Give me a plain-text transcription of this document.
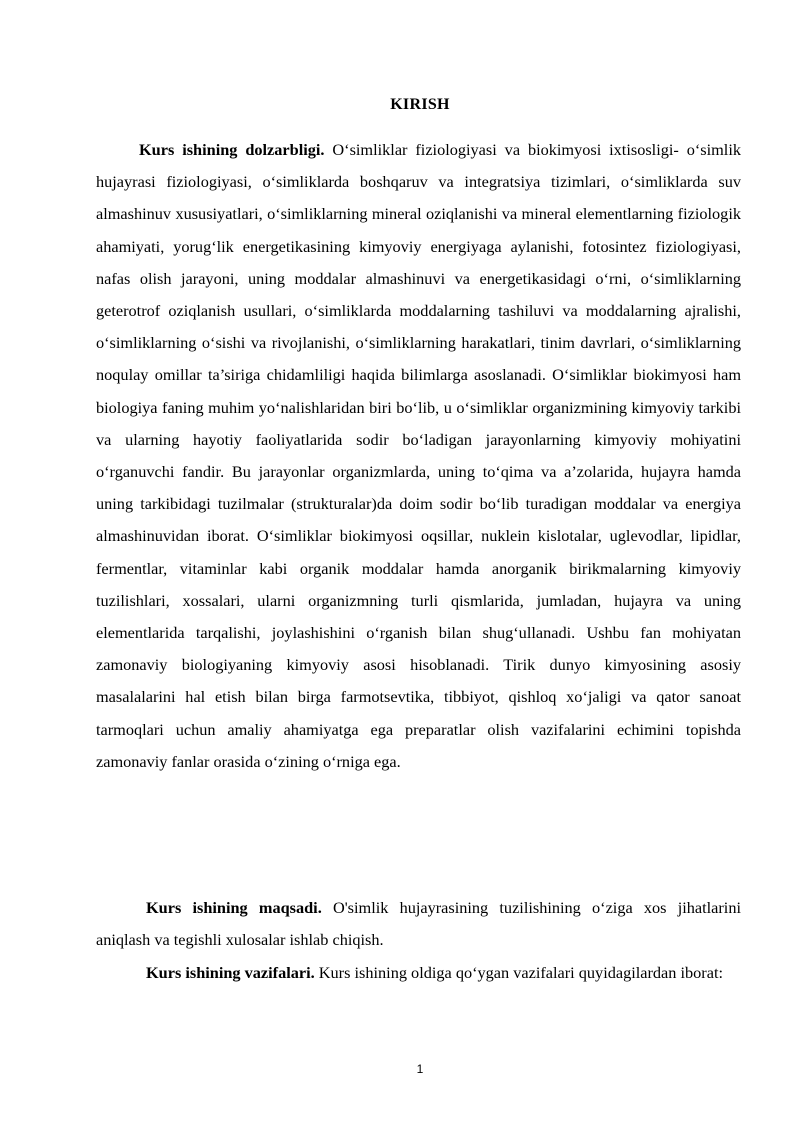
KIRISH

Kurs ishining dolzarbligi. O‘simliklar fiziologiyasi va biokimyosi ixtisosligi- o‘simlik hujayrasi fiziologiyasi, o‘simliklarda boshqaruv va integratsiya tizimlari, o‘simliklarda suv almashinuv xususiyatlari, o‘simliklarning mineral oziqlanishi va mineral elementlarning fiziologik ahamiyati, yorug‘lik energetikasining kimyoviy energiyaga aylanishi, fotosintez fiziologiyasi, nafas olish jarayoni, uning moddalar almashinuvi va energetikasidagi o‘rni, o‘simliklarning geterotrof oziqlanish usullari, o‘simliklarda moddalarning tashiluvi va moddalarning ajralishi, o‘simliklarning o‘sishi va rivojlanishi, o‘simliklarning harakatlari, tinim davrlari, o‘simliklarning noqulay omillar ta’siriga chidamliligi haqida bilimlarga asoslanadi. O‘simliklar biokimyosi ham biologiya faning muhim yo‘nalishlaridan biri bo‘lib, u o‘simliklar organizmining kimyoviy tarkibi va ularning hayotiy faoliyatlarida sodir bo‘ladigan jarayonlarning kimyoviy mohiyatini o‘rganuvchi fandir. Bu jarayonlar organizmlarda, uning to‘qima va a’zolarida, hujayra hamda uning tarkibidagi tuzilmalar (strukturalar)da doim sodir bo‘lib turadigan moddalar va energiya almashinuvidan iborat. O‘simliklar biokimyosi oqsillar, nuklein kislotalar, uglevodlar, lipidlar, fermentlar, vitaminlar kabi organik moddalar hamda anorganik birikmalarning kimyoviy tuzilishlari, xossalari, ularni organizmning turli qismlarida, jumladan, hujayra va uning elementlarida tarqalishi, joylashishini o‘rganish bilan shug‘ullanadi. Ushbu fan mohiyatan zamonaviy biologiyaning kimyoviy asosi hisoblanadi. Tirik dunyo kimyosining asosiy masalalarini hal etish bilan birga farmotsevtika, tibbiyot, qishloq xo‘jaligi va qator sanoat tarmoqlari uchun amaliy ahamiyatga ega preparatlar olish vazifalarini echimini topishda zamonaviy fanlar orasida o‘zining o‘rniga ega.

Kurs ishining maqsadi. O'simlik hujayrasining tuzilishining o‘ziga xos jihatlarini aniqlash va tegishli xulosalar ishlab chiqish.

Kurs ishining vazifalari. Kurs ishining oldiga qo‘ygan vazifalari quyidagilardan iborat:

1
